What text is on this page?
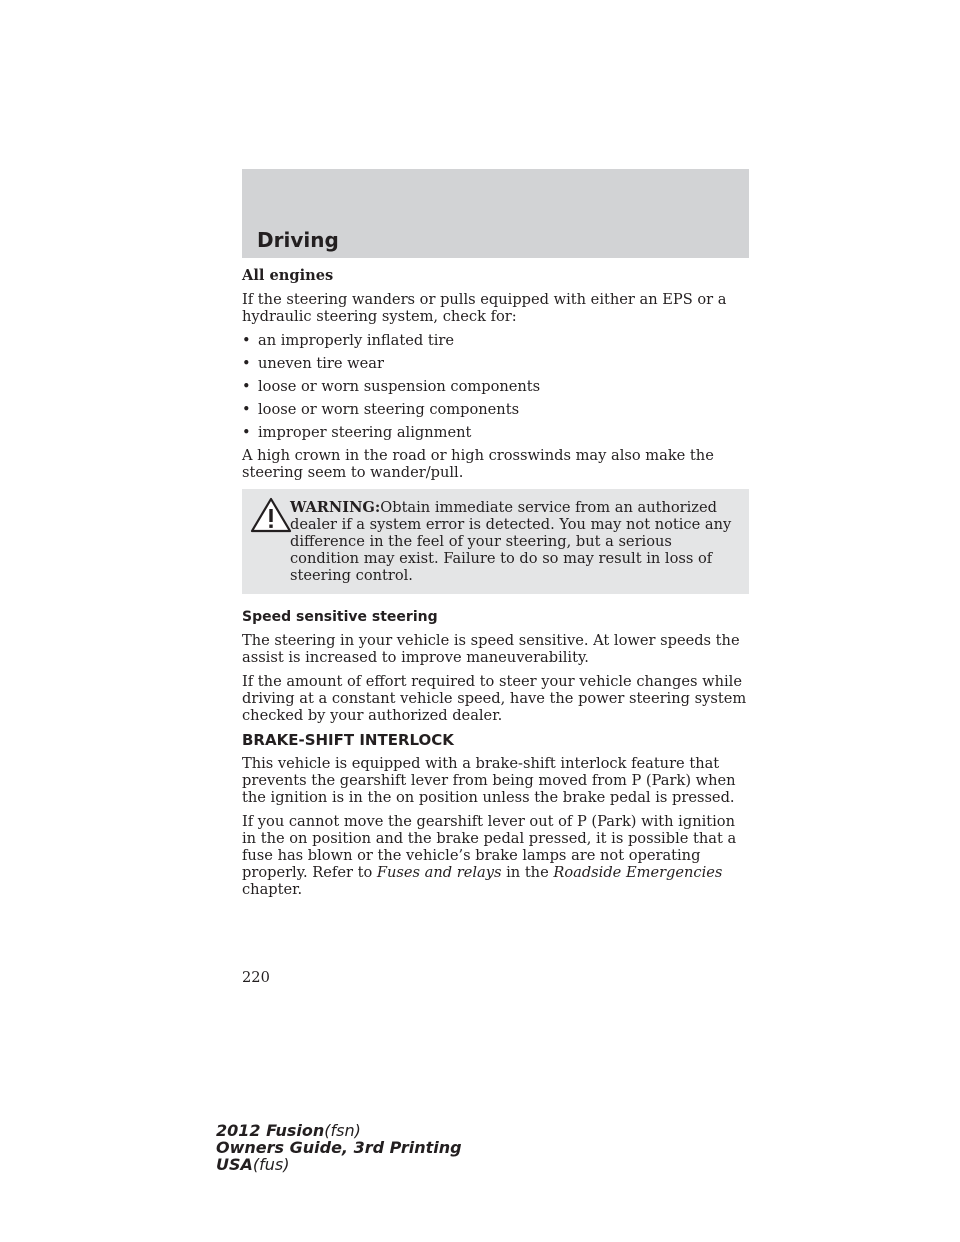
Driving

All engines

If the steering wanders or pulls equipped with either an EPS or a hydraulic steering system, check for:

• an improperly inflated tire
• uneven tire wear
• loose or worn suspension components
• loose or worn steering components
• improper steering alignment

A high crown in the road or high crosswinds may also make the steering seem to wander/pull.

WARNING:Obtain immediate service from an authorized dealer if a system error is detected. You may not notice any difference in the feel of your steering, but a serious condition may exist. Failure to do so may result in loss of steering control.

Speed sensitive steering

The steering in your vehicle is speed sensitive. At lower speeds the assist is increased to improve maneuverability.

If the amount of effort required to steer your vehicle changes while driving at a constant vehicle speed, have the power steering system checked by your authorized dealer.

BRAKE-SHIFT INTERLOCK

This vehicle is equipped with a brake-shift interlock feature that prevents the gearshift lever from being moved from P (Park) when the ignition is in the on position unless the brake pedal is pressed.

If you cannot move the gearshift lever out of P (Park) with ignition in the on position and the brake pedal pressed, it is possible that a fuse has blown or the vehicle’s brake lamps are not operating properly. Refer to Fuses and relays in the Roadside Emergencies chapter.

220
2012 Fusion(fsn)
Owners Guide, 3rd Printing
USA(fus)
